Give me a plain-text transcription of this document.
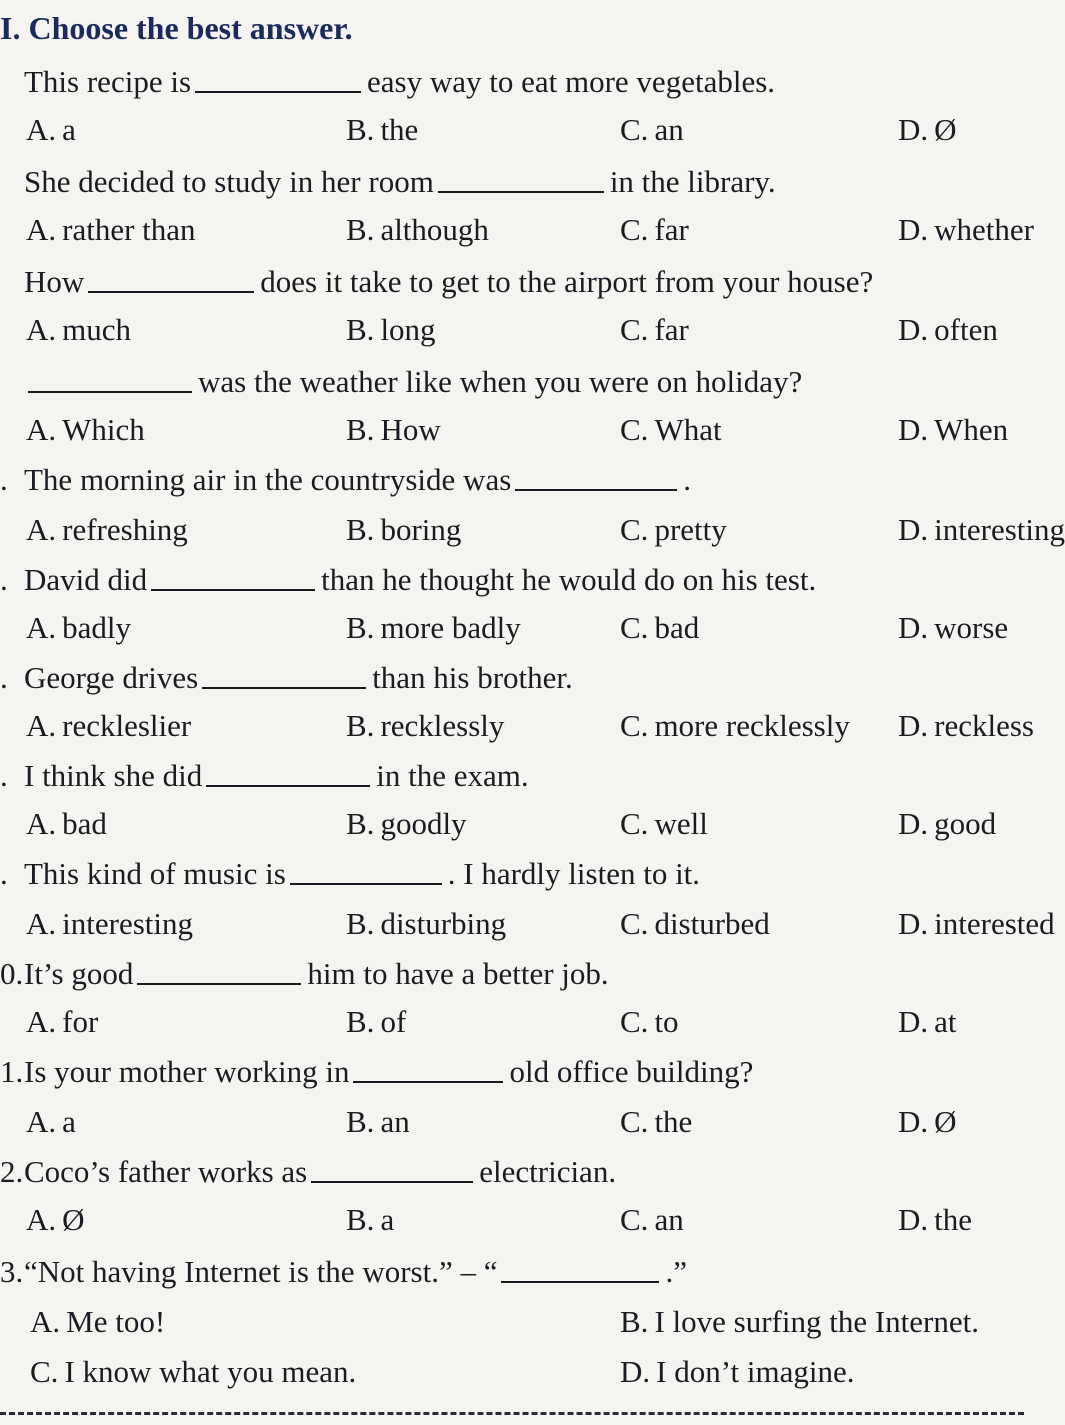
I. Choose the best answer.
This recipe is	easy way to eat more vegetables.
A. a	B. the	C. an	D. Ø
She decided to study in her room	in the library.
A. rather than	B. although	C. far	D. whether
How	does it take to get to the airport from your house?
A. much	B. long	C. far	D. often
was the weather like when you were on holiday?
A. Which	B. How	C. What	D. When
. The morning air in the countryside was	.
A. refreshing	B. boring	C. pretty	D. interesting
. David did	than he thought he would do on his test.
A. badly	B. more badly	C. bad	D. worse
. George drives	than his brother.
A. reckleslier	B. recklessly	C. more recklessly D. reckless
. I think she did	in the exam.
A. bad	B. goodly	C. well	D. good
. This kind of music is	. I hardly listen to it.
A. interesting	B. disturbing	C. disturbed	D. interested
0. It’s good	him to have a better job.
A. for	B. of	C. to	D. at
1. Is your mother working in	old office building?
A. a	B. an	C. the	D. Ø
2. Coco’s father works as	electrician.
A. Ø	B. a	C. an	D. the
3. “Not having Internet is the worst.” – “	.”
A. Me too!	B. I love surfing the Internet.
C. I know what you mean.	D. I don’t imagine.
